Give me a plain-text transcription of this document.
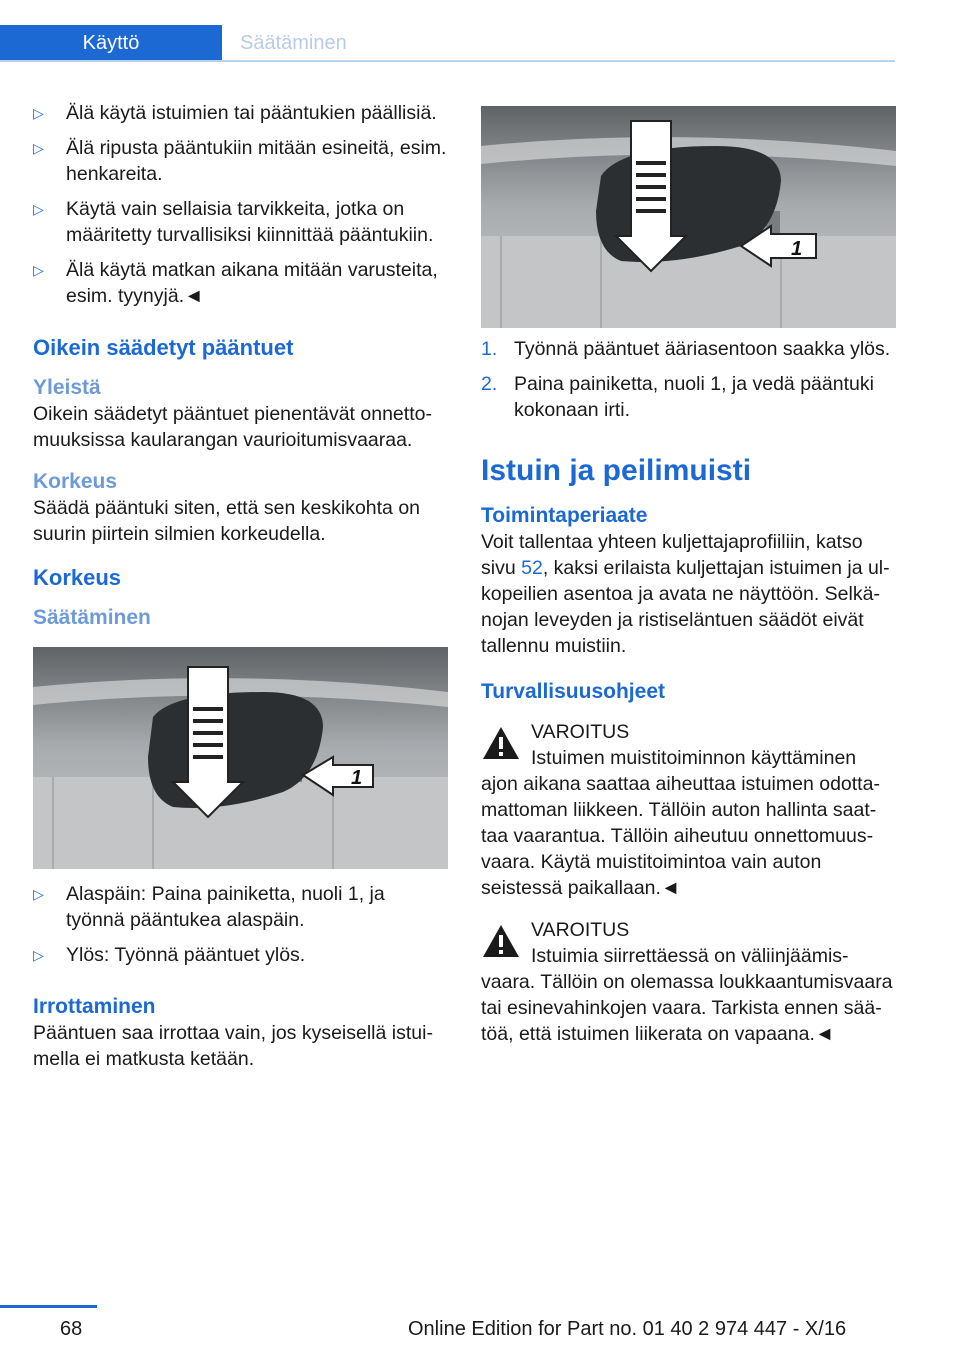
Käyttö	Säätäminen
▷	Älä käytä istuimien tai pääntukien päällisiä.
▷	Älä ripusta pääntukiin mitään esineitä, esim. henkareita.
▷	Käytä vain sellaisia tarvikkeita, jotka on määritetty turvallisiksi kiinnittää pääntukiin.
▷	Älä käytä matkan aikana mitään varusteita, esim. tyynyjä.◄
Oikein säädetyt pääntuet
Yleistä
Oikein säädetyt pääntuet pienentävät onnettomuuksissa kaularangan vaurioitumisvaaraa.
Korkeus
Säädä pääntuki siten, että sen keskikohta on suurin piirtein silmien korkeudella.
Korkeus
Säätäminen
1
▷	Alaspäin: Paina painiketta, nuoli 1, ja työnnä pääntukea alaspäin.
▷	Ylös: Työnnä pääntuet ylös.
Irrottaminen
Pääntuen saa irrottaa vain, jos kyseisellä istuimella ei matkusta ketään.
1
1. Työnnä pääntuet ääriasentoon saakka ylös.
2. Paina painiketta, nuoli 1, ja vedä pääntuki kokonaan irti.
Istuin ja peilimuisti
Toimintaperiaate
Voit tallentaa yhteen kuljettajaprofiiliin, katso sivu 52, kaksi erilaista kuljettajan istuimen ja ulkopeilien asentoa ja avata ne näyttöön. Selkänojan leveyden ja ristiseläntuen säädöt eivät tallennu muistiin.
Turvallisuusohjeet
VAROITUS
Istuimen muistitoiminnon käyttäminen ajon aikana saattaa aiheuttaa istuimen odottamattoman liikkeen. Tällöin auton hallinta saattaa vaarantua. Tällöin aiheutuu onnettomuusvaara. Käytä muistitoimintoa vain auton seistessä paikallaan.◄
VAROITUS
Istuimia siirrettäessä on väliinjäämisvaara. Tällöin on olemassa loukkaantumisvaara tai esinevahinkojen vaara. Tarkista ennen säätöä, että istuimen liikerata on vapaana.◄
68	Online Edition for Part no. 01 40 2 974 447 - X/16
